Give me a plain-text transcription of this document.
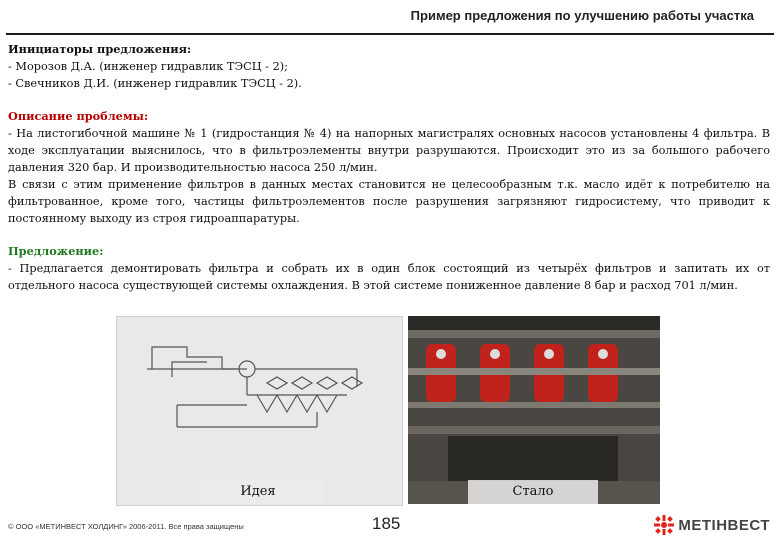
Пример предложения по улучшению работы участка

Инициаторы предложения:

- Морозов Д.А. (инженер гидравлик ТЭСЦ - 2);

- Свечников Д.И. (инженер гидравлик ТЭСЦ - 2).

Описание проблемы:

- На листогибочной машине № 1 (гидростанция № 4) на напорных магистралях основных насосов установлены 4 фильтра. В ходе эксплуатации выяснилось, что в фильтроэлементы внутри разрушаются. Происходит это из за большого рабочего давления 320 бар. И производительностью насоса 250 л/мин.

В связи с этим применение фильтров в данных местах становится не целесообразным т.к. масло идёт к потребителю на фильтрованное, кроме того, частицы фильтроэлементов после разрушения загрязняют гидросистему, что приводит к постоянному выходу из строя гидроаппаратуры.

Предложение:

- Предлагается демонтировать фильтра и собрать их в один блок состоящий из четырёх фильтров и запитать их от отдельного насоса существующей системы охлаждения. В этой системе пониженное давление 8 бар и расход 701 л/мин.

Идея	Стало
© ООО «МЕТИНВЕСТ ХОЛДИНГ» 2006-2011. Все права защищены	185	МЕТІНВЕСТ
